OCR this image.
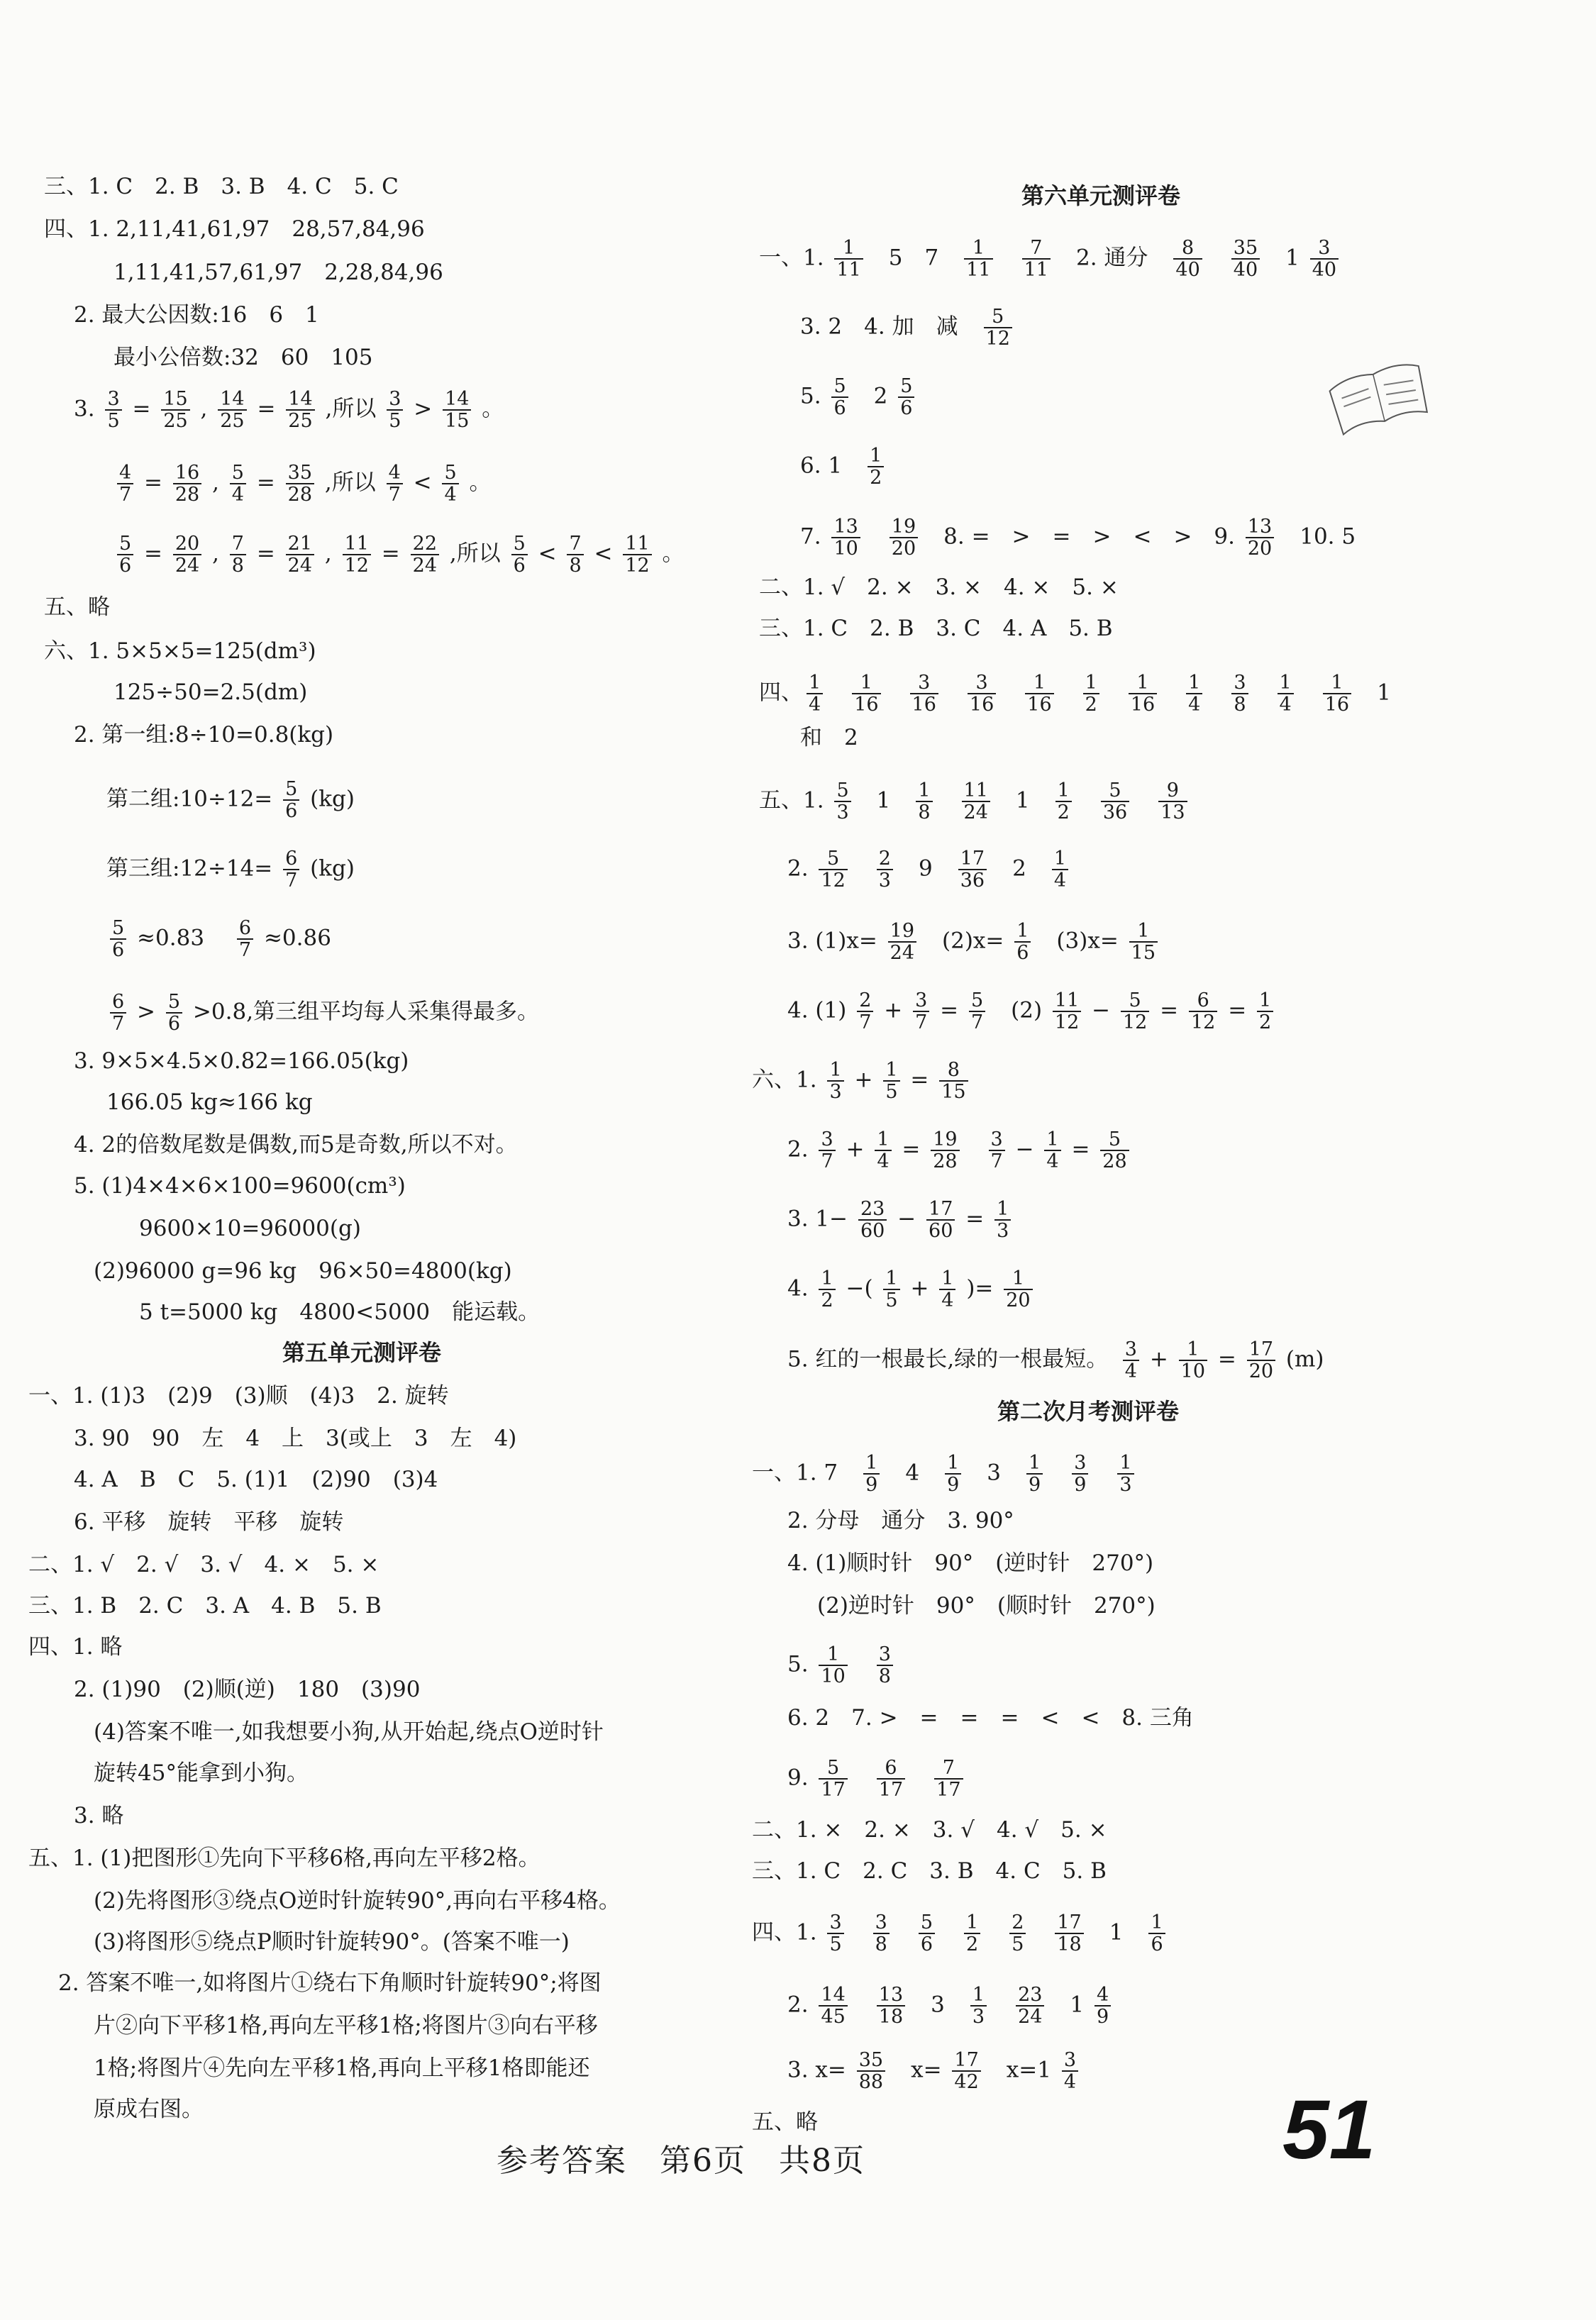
三、1. C　2. B　3. B　4. C　5. C
四、1. 2,11,41,61,97　28,57,84,96
1,11,41,57,61,97　2,28,84,96
2. 最大公因数:16　6　1
最小公倍数:32　60　105
3. $\frac{3}{5} = \frac{15}{25}$ , $\frac{14}{25} = \frac{14}{25}$ ,所以 $\frac{3}{5} > \frac{14}{15}$ 。
$\frac{4}{7} = \frac{16}{28}$ , $\frac{5}{4} = \frac{35}{28}$ ,所以 $\frac{4}{7} < \frac{5}{4}$ 。
$\frac{5}{6} = \frac{20}{24}$ , $\frac{7}{8} = \frac{21}{24}$ , $\frac{11}{12} = \frac{22}{24}$ ,所以 $\frac{5}{6} < \frac{7}{8} < \frac{11}{12}$ 。
五、略
六、1. 5×5×5=125(dm³)
125÷50=2.5(dm)
2. 第一组:8÷10=0.8(kg)
第二组:10÷12= $\frac{5}{6} (kg)$
第三组:12÷14= $\frac{6}{7} (kg)$
$\frac{5}{6} \approx 0.83$　 $\frac{6}{7} \approx 0.86$
$\frac{6}{7} > \frac{5}{6} >0.8$,第三组平均每人采集得最多。
3. 9×5×4.5×0.82=166.05(kg)
166.05 kg≈166 kg
4. 2的倍数尾数是偶数,而5是奇数,所以不对。
5. (1)4×4×6×100=9600(cm³)
9600×10=96000(g)
(2)96000 g=96 kg　96×50=4800(kg)
5 t=5000 kg　4800<5000　能运载。
第五单元测评卷
一、1. (1)3　(2)9　(3)顺　(4)3　2. 旋转
3. 90　90　左　4　上　3(或上　3　左　4)
4. A　B　C　5. (1)1　(2)90　(3)4
6. 平移　旋转　平移　旋转
二、1. √　2. √　3. √　4. ×　5. ×
三、1. B　2. C　3. A　4. B　5. B
四、1. 略
2. (1)90　(2)顺(逆)　180　(3)90
(4)答案不唯一,如我想要小狗,从开始起,绕点O逆时针
旋转45°能拿到小狗。
3. 略
五、1. (1)把图形①先向下平移6格,再向左平移2格。
(2)先将图形③绕点O逆时针旋转90°,再向右平移4格。
(3)将图形⑤绕点P顺时针旋转90°。(答案不唯一)
2. 答案不唯一,如将图片①绕右下角顺时针旋转90°;将图
片②向下平移1格,再向左平移1格;将图片③向右平移
1格;将图片④先向左平移1格,再向上平移1格即能还
原成右图。
第六单元测评卷
一、1. $\frac{1}{11}$ 　5　7　 $\frac{1}{11}$
　 $\frac{7}{11}$ 　2. 通分　 $\frac{8}{40}$
　 $\frac{35}{40}$ 　$1 \frac{3}{40}$
3. 2　4. 加　减　 $\frac{5}{12}$
5. $\frac{5}{6}$ 　$2 \frac{5}{6}$
6. 1　 $\frac{1}{2}$
7. $\frac{13}{10}$
　 $\frac{19}{20}$ 　8. =　>　=　>　<　>　9. $\frac{13}{20}$ 　10. 5
二、1. √　2. ×　3. ×　4. ×　5. ×
三、1. C　2. B　3. C　4. A　5. B
四、 $\frac{1}{4}$
　 $\frac{1}{16}$
　 $\frac{3}{16}$
　 $\frac{3}{16}$
　 $\frac{1}{16}$
　 $\frac{1}{2}$
　 $\frac{1}{16}$
　 $\frac{1}{4}$
　 $\frac{3}{8}$
　 $\frac{1}{4}$
　 $\frac{1}{16}$ 　1
和　2
五、1. $\frac{5}{3}$ 　1　 $\frac{1}{8}$
　 $\frac{11}{24}$ 　1　 $\frac{1}{2}$
　 $\frac{5}{36}$
　 $\frac{9}{13}$
2. $\frac{5}{12}$
　 $\frac{2}{3}$ 　9　 $\frac{17}{36}$ 　2　 $\frac{1}{4}$
3. $(1)x= \frac{19}{24}$ 　$(2)x= \frac{1}{6}$ 　$(3)x= \frac{1}{15}$
4. $(1) \frac{2}{7} + \frac{3}{7} = \frac{5}{7}$ 　$(2) \frac{11}{12} - \frac{5}{12} = \frac{6}{12} = \frac{1}{2}$
六、1. $\frac{1}{3} + \frac{1}{5} = \frac{8}{15}$
2. $\frac{3}{7} + \frac{1}{4} = \frac{19}{28}$
　 $\frac{3}{7} - \frac{1}{4} = \frac{5}{28}$
3. $1- \frac{23}{60} - \frac{17}{60} = \frac{1}{3}$
4. $\frac{1}{2}$ −( $\frac{1}{5} + \frac{1}{4}$ )= $\frac{1}{20}$
5. 红的一根最长,绿的一根最短。　 $\frac{3}{4} + \frac{1}{10} = \frac{17}{20} (m)$
第二次月考测评卷
一、1. 7　 $\frac{1}{9}$ 　4　 $\frac{1}{9}$ 　3　 $\frac{1}{9}$
　 $\frac{3}{9}$
　 $\frac{1}{3}$
2. 分母　通分　3. 90°
4. (1)顺时针　90°　(逆时针　270°)
(2)逆时针　90°　(顺时针　270°)
5. $\frac{1}{10}$
　 $\frac{3}{8}$
6. 2　7. >　=　=　=　<　<　8. 三角
9. $\frac{5}{17}$
　 $\frac{6}{17}$
　 $\frac{7}{17}$
二、1. ×　2. ×　3. √　4. √　5. ×
三、1. C　2. C　3. B　4. C　5. B
四、1. $\frac{3}{5}$
　 $\frac{3}{8}$
　 $\frac{5}{6}$
　 $\frac{1}{2}$
　 $\frac{2}{5}$
　 $\frac{17}{18}$ 　1　 $\frac{1}{6}$
2. $\frac{14}{45}$
　 $\frac{13}{18}$ 　3　 $\frac{1}{3}$
　 $\frac{23}{24}$ 　$1 \frac{4}{9}$
3. $x= \frac{35}{88}$ 　$x= \frac{17}{42}$ 　$x=1 \frac{3}{4}$
五、略
参考答案　第6页　共8页	51
